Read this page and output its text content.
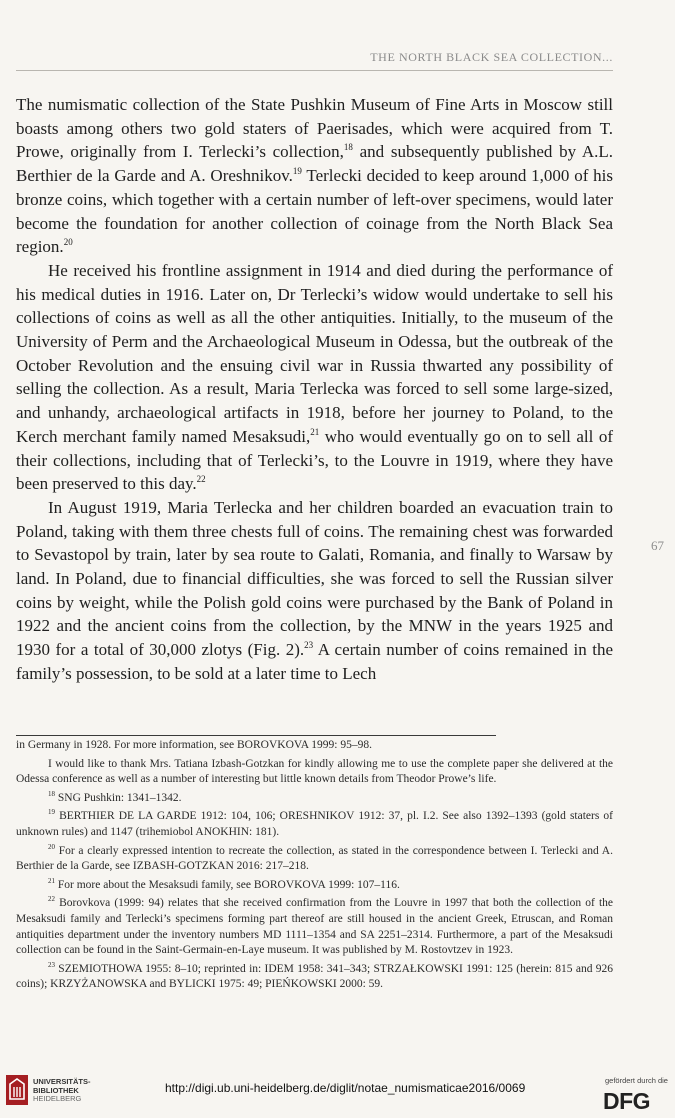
THE NORTH BLACK SEA COLLECTION...

The numismatic collection of the State Pushkin Museum of Fine Arts in Moscow still boasts among others two gold staters of Paerisades, which were acquired from T. Prowe, originally from I. Terlecki’s collection,$^{18}$ and subsequently published by A.L. Berthier de la Garde and A. Oreshnikov.$^{19}$ Terlecki decided to keep around 1,000 of his bronze coins, which together with a certain number of left-over specimens, would later become the foundation for another collection of coinage from the North Black Sea region.$^{20}$

He received his frontline assignment in 1914 and died during the performance of his medical duties in 1916. Later on, Dr Terlecki’s widow would undertake to sell his collections of coins as well as all the other antiquities. Initially, to the museum of the University of Perm and the Archaeological Museum in Odessa, but the outbreak of the October Revolution and the ensuing civil war in Russia thwarted any possibility of selling the collection. As a result, Maria Terlecka was forced to sell some large-sized, and unhandy, archaeological artifacts in 1918, before her journey to Poland, to the Kerch merchant family named Mesaksudi,$^{21}$ who would eventually go on to sell all of their collections, including that of Terlecki’s, to the Louvre in 1919, where they have been preserved to this day.$^{22}$

In August 1919, Maria Terlecka and her children boarded an evacuation train to Poland, taking with them three chests full of coins. The remaining chest was forwarded to Sevastopol by train, later by sea route to Galati, Romania, and finally to Warsaw by land. In Poland, due to financial difficulties, she was forced to sell the Russian silver coins by weight, while the Polish gold coins were purchased by the Bank of Poland in 1922 and the ancient coins from the collection, by the MNW in the years 1925 and 1930 for a total of 30,000 zlotys (Fig. 2).$^{23}$ A certain number of coins remained in the family’s possession, to be sold at a later time to Lech

67

in Germany in 1928. For more information, see BOROVKOVA 1999: 95–98.

I would like to thank Mrs. Tatiana Izbash-Gotzkan for kindly allowing me to use the complete paper she delivered at the Odessa conference as well as a number of interesting but little known details from Theodor Prowe’s life.

$^{18}$ SNG Pushkin: 1341–1342.

$^{19}$ BERTHIER DE LA GARDE 1912: 104, 106; ORESHNIKOV 1912: 37, pl. I.2. See also 1392–1393 (gold staters of unknown rules) and 1147 (trihemiobol ANOKHIN: 181).

$^{20}$ For a clearly expressed intention to recreate the collection, as stated in the correspondence between I. Terlecki and A. Berthier de la Garde, see IZBASH-GOTZKAN 2016: 217–218.

$^{21}$ For more about the Mesaksudi family, see BOROVKOVA 1999: 107–116.

$^{22}$ Borovkova (1999: 94) relates that she received confirmation from the Louvre in 1997 that both the collection of the Mesaksudi family and Terlecki’s specimens forming part thereof are still housed in the ancient Greek, Etruscan, and Roman antiquities department under the inventory numbers MD 1111–1354 and SA 2251–2314. Furthermore, a part of the Mesaksudi collection can be found in the Saint-Germain-en-Laye museum. It was published by M. Rostovtzev in 1923.

$^{23}$ SZEMIOTHOWA 1955: 8–10; reprinted in: IDEM 1958: 341–343; STRZAŁKOWSKI 1991: 125 (herein: 815 and 926 coins); KRZYŻANOWSKA and BYLICKI 1975: 49; PIEŃKOWSKI 2000: 59.

UNIVERSITÄTS-
BIBLIOTHEK
HEIDELBERG
http://digi.ub.uni-heidelberg.de/diglit/notae_numismaticae2016/0069
gefördert durch die
DFG
